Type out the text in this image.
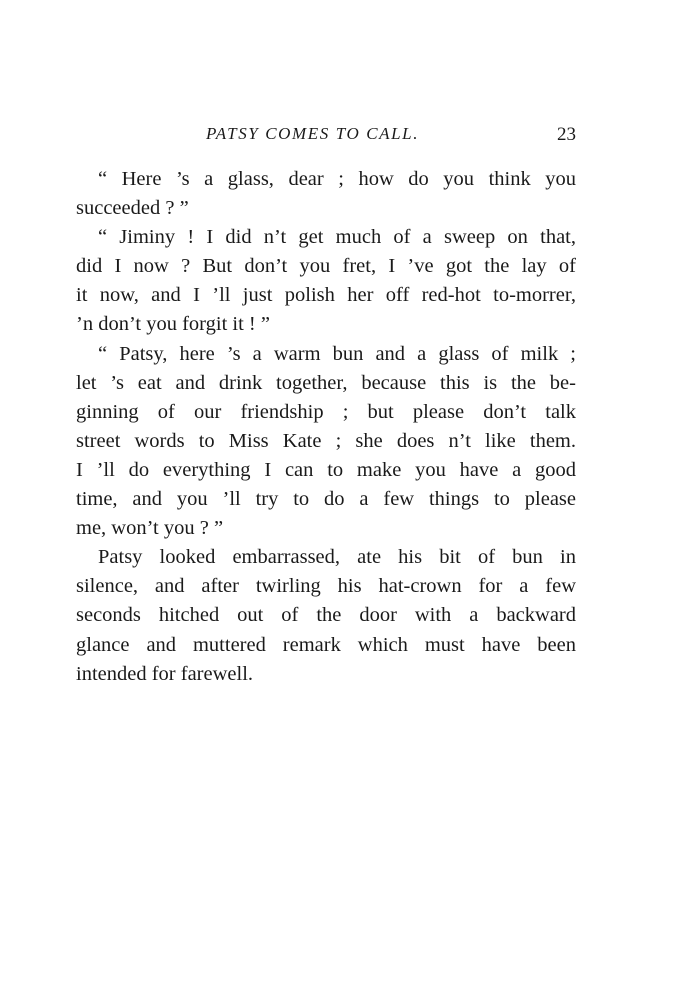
PATSY COMES TO CALL.	23

“ Here ’s a glass, dear ; how do you think you
succeeded ? ”

“ Jiminy ! I did n’t get much of a sweep on that,
did I now ? But don’t you fret, I ’ve got the lay of
it now, and I ’ll just polish her off red-hot to-morrer,
’n don’t you forgit it ! ”

“ Patsy, here ’s a warm bun and a glass of milk ;
let ’s eat and drink together, because this is the be-
ginning of our friendship ; but please don’t talk
street words to Miss Kate ; she does n’t like them.
I ’ll do everything I can to make you have a good
time, and you ’ll try to do a few things to please
me, won’t you ? ”

Patsy looked embarrassed, ate his bit of bun in
silence, and after twirling his hat-crown for a few
seconds hitched out of the door with a backward
glance and muttered remark which must have been
intended for farewell.
